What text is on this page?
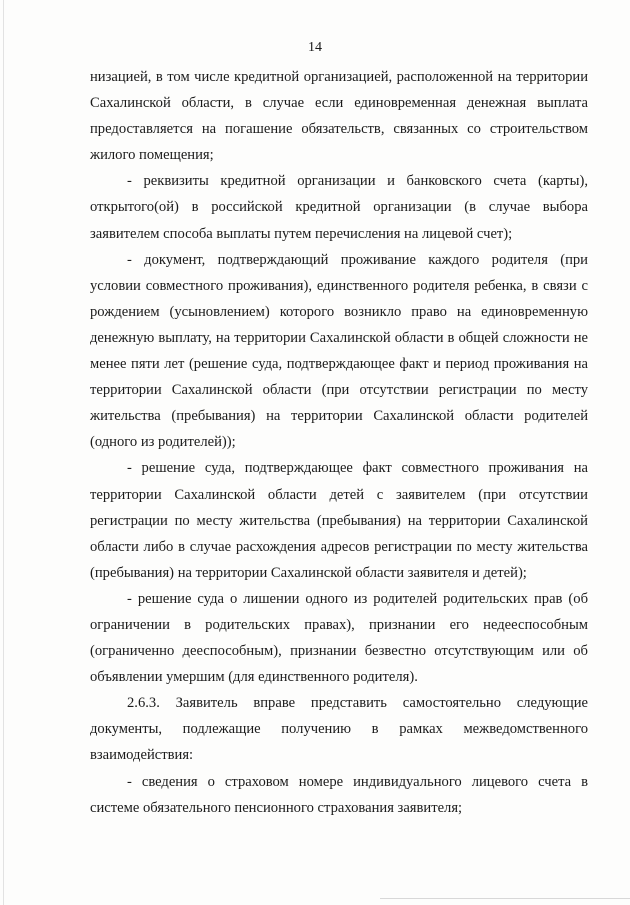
14

низацией, в том числе кредитной организацией, расположенной на территории Сахалинской области, в случае если единовременная денежная выплата предоставляется на погашение обязательств, связанных со строительством жилого помещения;

- реквизиты кредитной организации и банковского счета (карты), открытого(ой) в российской кредитной организации (в случае выбора заявителем способа выплаты путем перечисления на лицевой счет);

- документ, подтверждающий проживание каждого родителя (при условии совместного проживания), единственного родителя ребенка, в связи с рождением (усыновлением) которого возникло право на единовременную денежную выплату, на территории Сахалинской области в общей сложности не менее пяти лет (решение суда, подтверждающее факт и период проживания на территории Сахалинской области (при отсутствии регистрации по месту жительства (пребывания) на территории Сахалинской области родителей (одного из родителей));

- решение суда, подтверждающее факт совместного проживания на территории Сахалинской области детей с заявителем (при отсутствии регистрации по месту жительства (пребывания) на территории Сахалинской области либо в случае расхождения адресов регистрации по месту жительства (пребывания) на территории Сахалинской области заявителя и детей);

- решение суда о лишении одного из родителей родительских прав (об ограничении в родительских правах), признании его недееспособным (ограниченно дееспособным), признании безвестно отсутствующим или об объявлении умершим (для единственного родителя).

2.6.3. Заявитель вправе представить самостоятельно следующие документы, подлежащие получению в рамках межведомственного взаимодействия:

- сведения о страховом номере индивидуального лицевого счета в системе обязательного пенсионного страхования заявителя;
